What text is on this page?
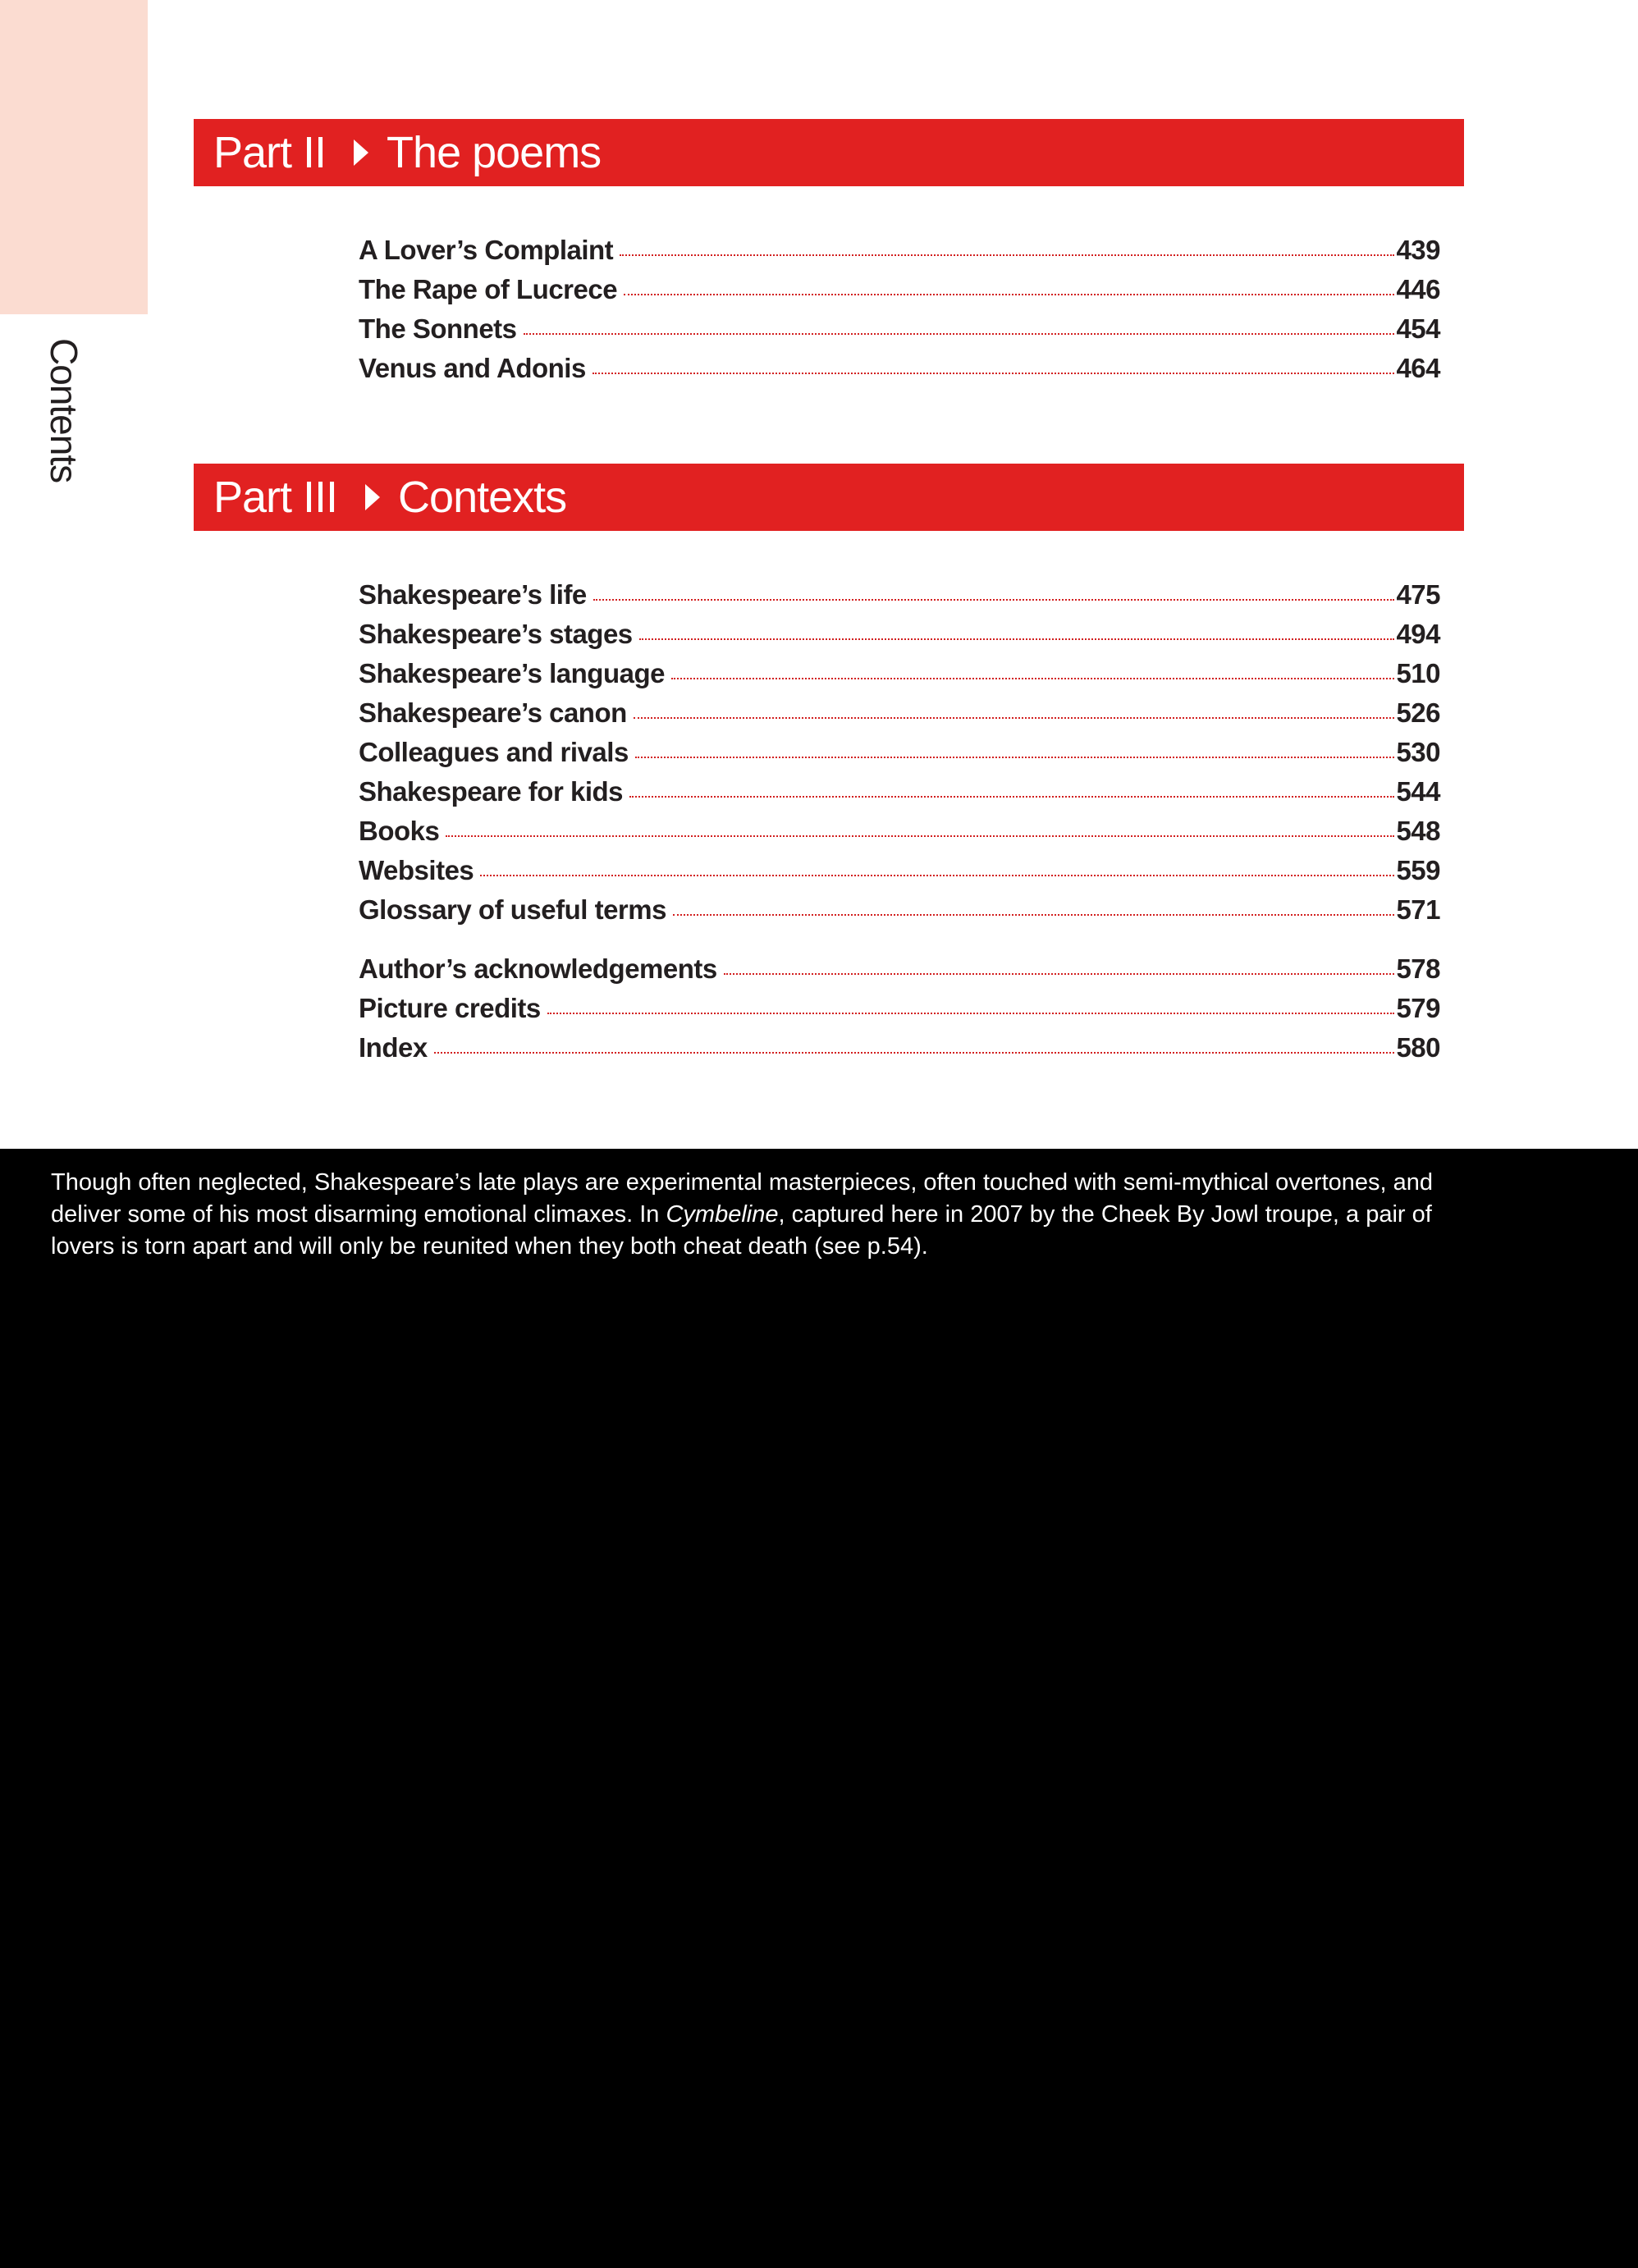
Contents
Part II The poems
A Lover’s Complaint	439
The Rape of Lucrece	446
The Sonnets	454
Venus and Adonis	464
Part III Contexts
Shakespeare’s life	475
Shakespeare’s stages	494
Shakespeare’s language	510
Shakespeare’s canon	526
Colleagues and rivals	530
Shakespeare for kids	544
Books	548
Websites	559
Glossary of useful terms	571
Author’s acknowledgements	578
Picture credits	579
Index	580
Though often neglected, Shakespeare’s late plays are experimental masterpieces, often touched with semi-mythical overtones, and deliver some of his most disarming emotional climaxes. In Cymbeline, captured here in 2007 by the Cheek By Jowl troupe, a pair of lovers is torn apart and will only be reunited when they both cheat death (see p.54).
